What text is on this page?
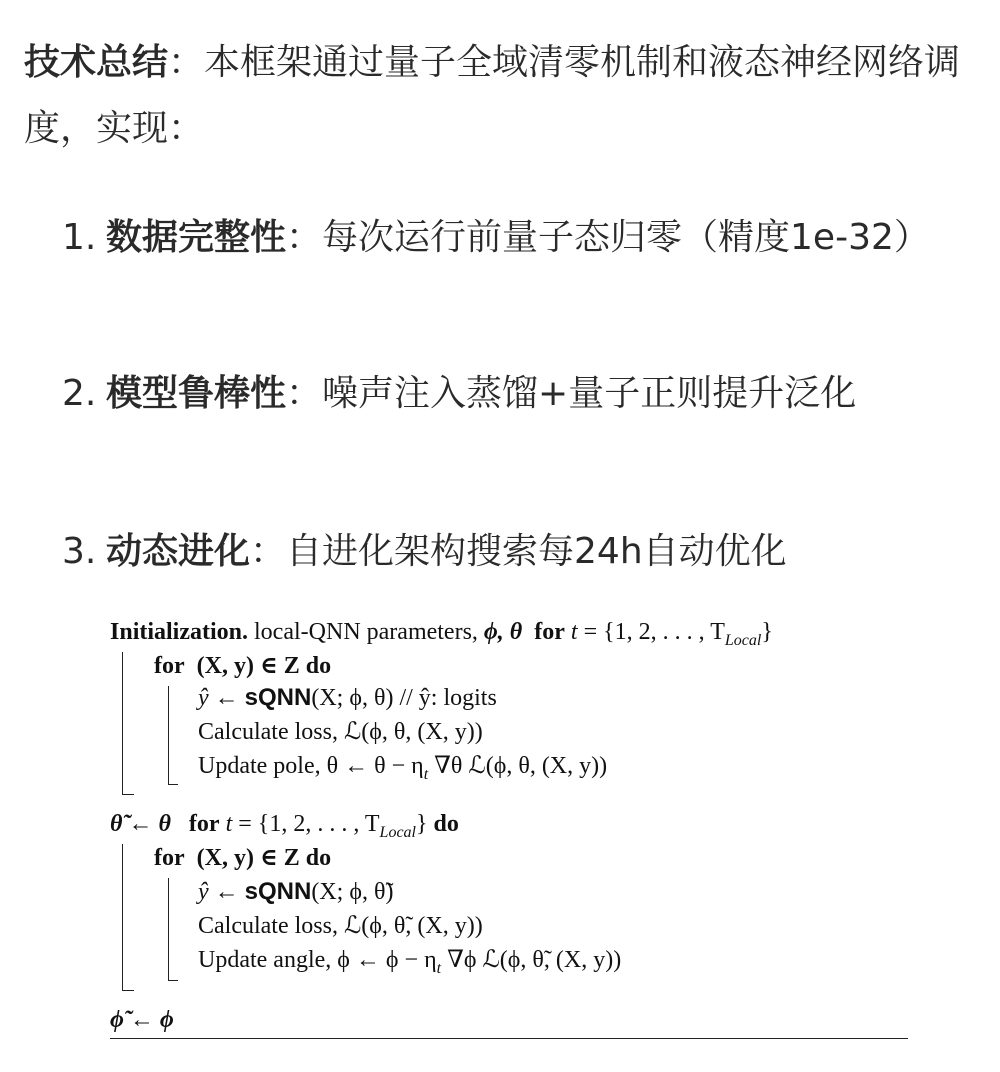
技术总结：本框架通过量子全域清零机制和液态神经网络调度，实现：

1. 数据完整性：每次运行前量子态归零（精度1e-32）
2. 模型鲁棒性：噪声注入蒸馏+量子正则提升泛化
3. 动态进化：自进化架构搜索每24h自动优化
Initialization. local-QNN parameters, ϕ, θ for t = {1, 2, . . . , $T_{Local}$}
for (X, y) ∈ Z do
ŷ ← sQNN(X; ϕ, θ) // ŷ: logits
Calculate loss, ℒ(ϕ, θ, (X, y))
Update pole, θ ← $\theta - \eta_t$ ∇θ ℒ(ϕ, θ, (X, y))
θ̃ ← θ for t = {1, 2, . . . , $T_{Local}$} do
for (X, y) ∈ Z do
ŷ ← sQNN(X; ϕ, θ̃)
Calculate loss, ℒ(ϕ, θ̃, (X, y))
Update angle, ϕ ← $\phi - \eta_t$ ∇ϕ ℒ(ϕ, θ̃, (X, y))
ϕ̃ ← ϕ
